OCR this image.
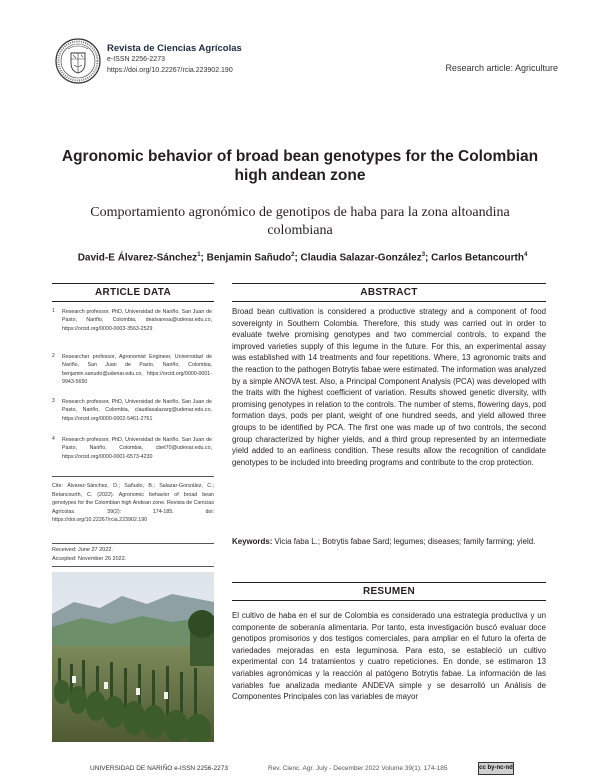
Revista de Ciencias Agrícolas
e-ISSN 2256-2273
https://doi.org/10.22267/rcia.223902.190	Research article: Agriculture
Agronomic behavior of broad bean genotypes for the Colombian high andean zone
Comportamiento agronómico de genotipos de haba para la zona altoandina colombiana
David-E Álvarez-Sánchez$^1$; Benjamin Sañudo$^2$; Claudia Salazar-González$^3$; Carlos Betancourth$^4$
ARTICLE DATA
1 Research professor, PhD, Universidad de Nariño, San Juan de Pasto, Nariño, Colombia, dealvaresa@udenar.edu.co, https://orcid.org/0000-0003-3563-2529
2 Researcher professor, Agronomist Engineer, Universidad de Nariño, San Juan de Pasto, Nariño, Colombia, benjamin.sanudo@udenar.edu.co, https://orcid.org/0000-0001-9943-5650
3 Research professor, PhD, Universidad de Nariño, San Juan de Pasto, Nariño, Colombia, claudiasalazarg@udenar.edu.co, https://orcid.org/0000-0002-5461-2761
4 Research professor, PhD, Universidad de Nariño, San Juan de Pasto, Nariño, Colombia, cbet70@udenar.edu.co, https://orcid.org/0000-0001-6573-4230
Cite: Álvarez-Sánchez, D.; Sañudo, B.; Salazar-González, C.; Betancourth, C. (2022). Agronomic behavior of broad bean genotypes for the Colombian high Andean zone. Revista de Ciencias Agrícolas. 39(2): 174-185. doi: https://doi.org/10.22267/rcia.223902.190
Received: June 27 2022.
Accepted: November 26 2022.
ABSTRACT
Broad bean cultivation is considered a productive strategy and a component of food sovereignty in Southern Colombia. Therefore, this study was carried out in order to evaluate twelve promising genotypes and two commercial controls, to expand the improved varieties supply of this legume in the future. For this, an experimental assay was established with 14 treatments and four repetitions. Where, 13 agronomic traits and the reaction to the pathogen Botrytis fabae were estimated. The information was analyzed by a simple ANOVA test. Also, a Principal Component Analysis (PCA) was developed with the traits with the highest coefficient of variation. Results showed genetic diversity, with promising genotypes in relation to the controls. The number of stems, flowering days, pod formation days, pods per plant, weight of one hundred seeds, and yield allowed three groups to be identified by PCA. The first one was made up of two controls, the second group characterized by higher yields, and a third group represented by an intermediate yield added to an earliness condition. These results allow the recognition of candidate genotypes to be included into breeding programs and contribute to the crop protection.
Keywords: Vicia faba L.; Botrytis fabae Sard; legumes; diseases; family farming; yield.
RESUMEN
El cultivo de haba en el sur de Colombia es considerado una estrategia productiva y un componente de soberanía alimentaria. Por tanto, esta investigación buscó evaluar doce genotipos promisorios y dos testigos comerciales, para ampliar en el futuro la oferta de variedades mejoradas en esta leguminosa. Para esto, se estableció un cultivo experimental con 14 tratamientos y cuatro repeticiones. En donde, se estimaron 13 variables agronómicas y la reacción al patógeno Botrytis fabae. La información de las variables fue analizada mediante ANDEVA simple y se desarrolló un Análisis de Componentes Principales con las variables de mayor
UNIVERSIDAD DE NARIÑO e-ISSN 2256-2273	Rev. Cienc. Agr. July - December 2022 Volume 39(1): 174-185	cc by-nc-nd
